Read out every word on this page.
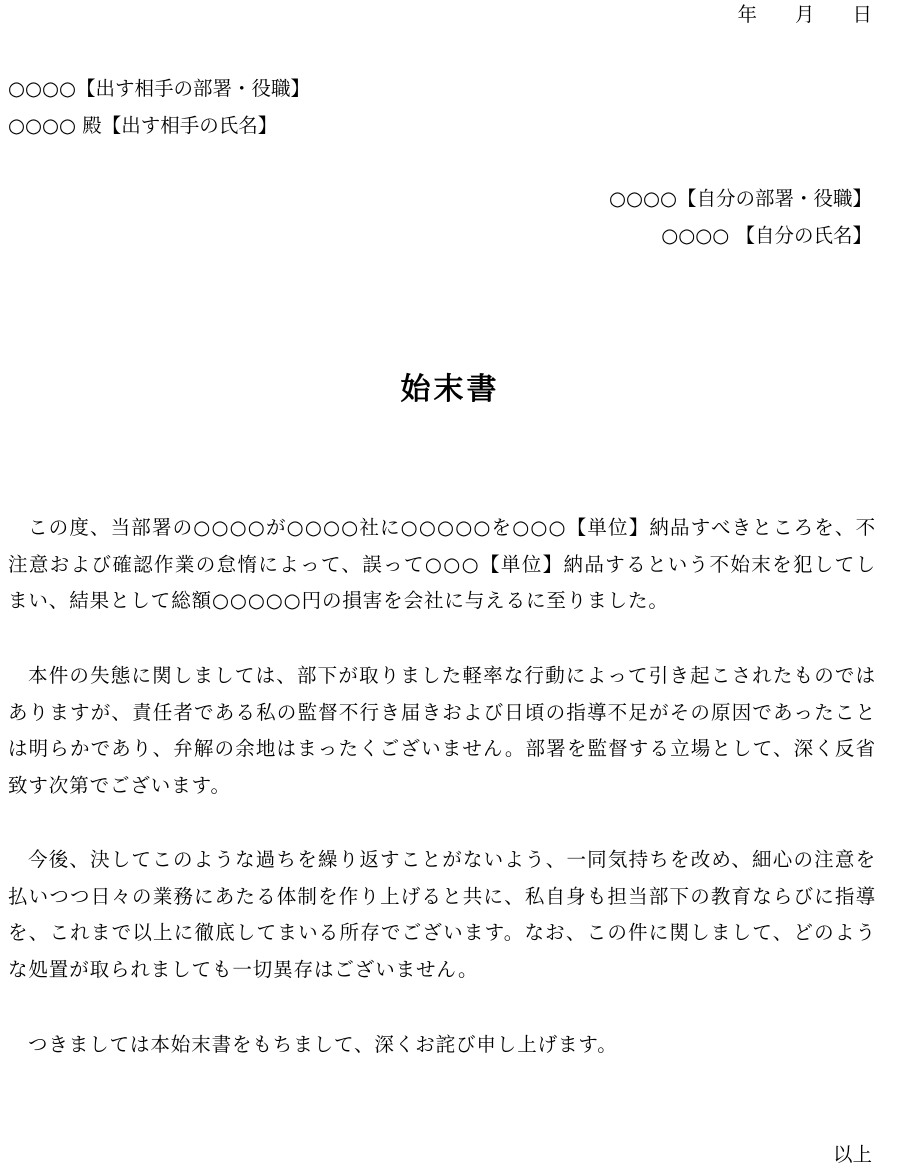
年 月 日
○○○○【出す相手の部署・役職】
○○○○ 殿【出す相手の氏名】
○○○○【自分の部署・役職】
○○○○ 【自分の氏名】
始末書
この度、当部署の○○○○が○○○○社に○○○○○を○○○【単位】納品すべきところを、不注意および確認作業の怠惰によって、誤って○○○【単位】納品するという不始末を犯してしまい、結果として総額○○○○○円の損害を会社に与えるに至りました。
本件の失態に関しましては、部下が取りました軽率な行動によって引き起こされたものではありますが、責任者である私の監督不行き届きおよび日頃の指導不足がその原因であったことは明らかであり、弁解の余地はまったくございません。部署を監督する立場として、深く反省致す次第でございます。
今後、決してこのような過ちを繰り返すことがないよう、一同気持ちを改め、細心の注意を払いつつ日々の業務にあたる体制を作り上げると共に、私自身も担当部下の教育ならびに指導を、これまで以上に徹底してまいる所存でございます。なお、この件に関しまして、どのような処置が取られましても一切異存はございません。
つきましては本始末書をもちまして、深くお詫び申し上げます。
以上
